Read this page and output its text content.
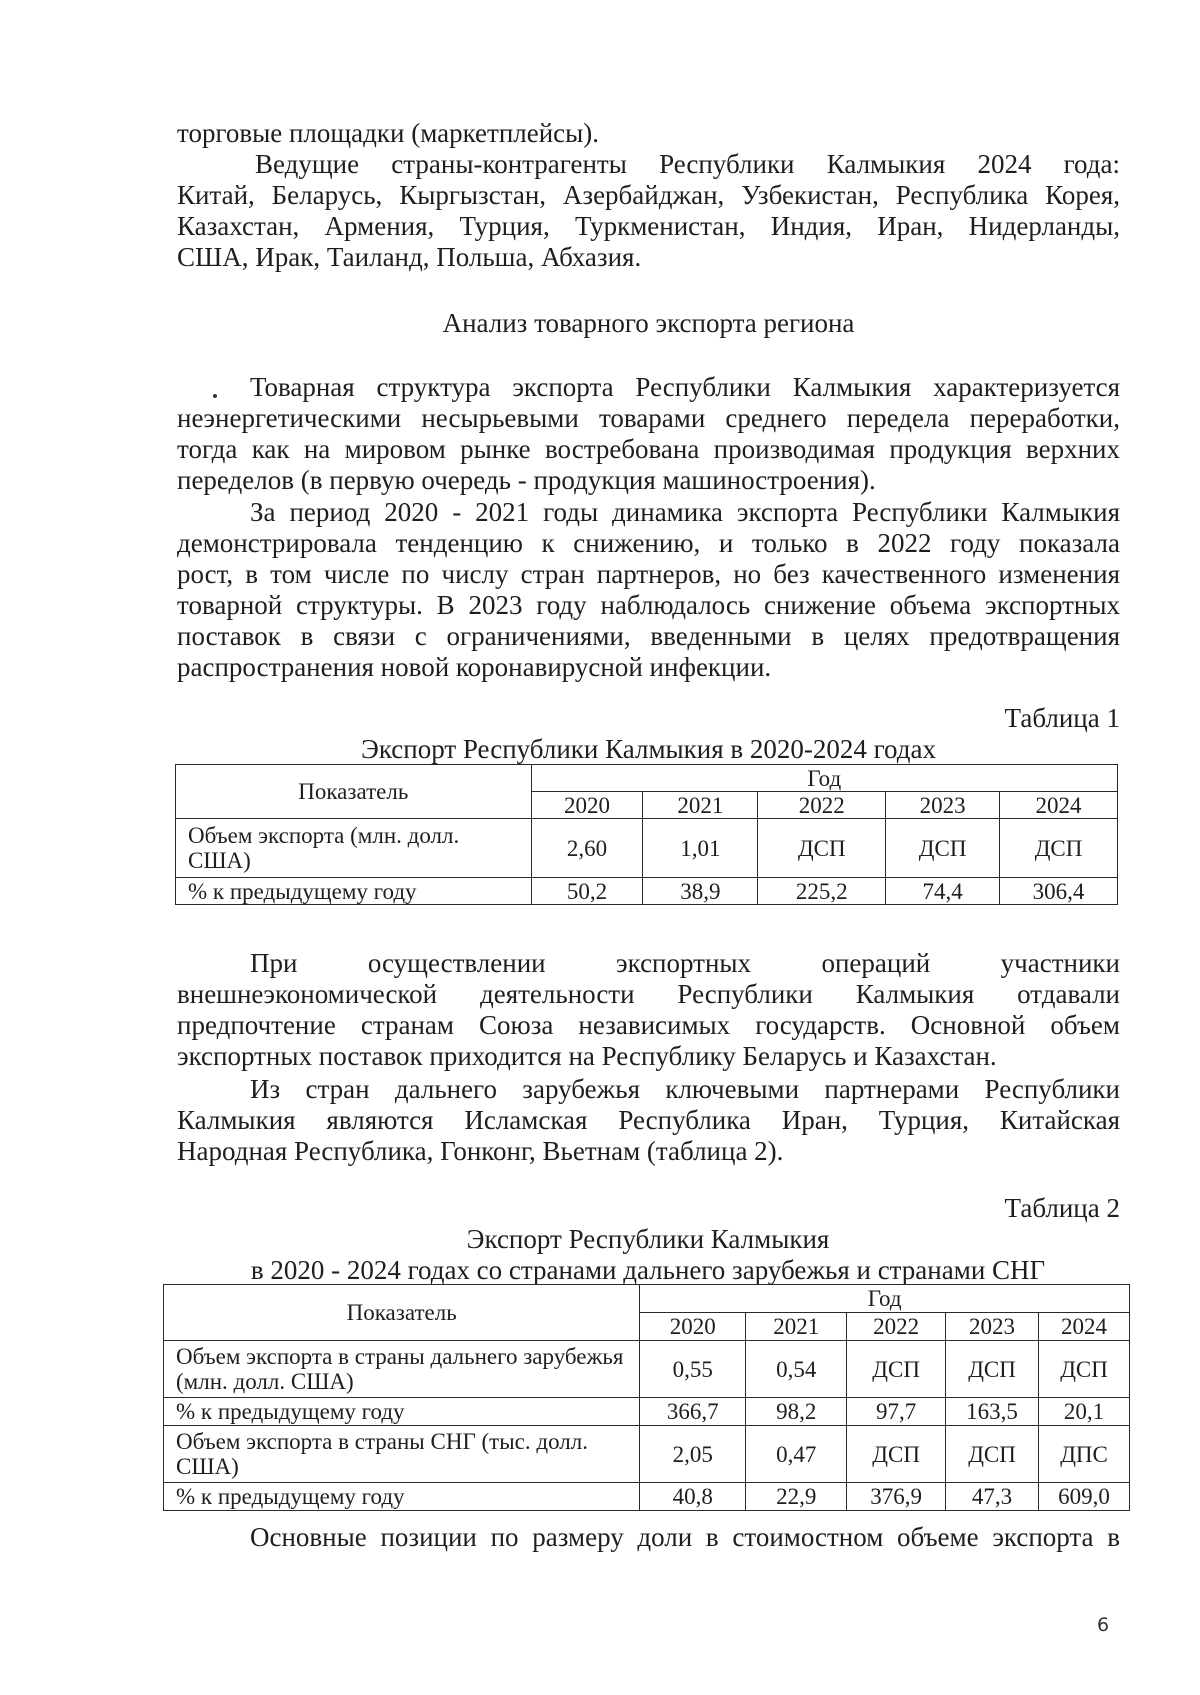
торговые площадки (маркетплейсы).
Ведущие страны-контрагенты Республики Калмыкия 2024 года:
Китай, Беларусь, Кыргызстан, Азербайджан, Узбекистан, Республика Корея,
Казахстан, Армения, Турция, Туркменистан, Индия, Иран, Нидерланды,
США, Ирак, Таиланд, Польша, Абхазия.
Анализ товарного экспорта региона
Товарная структура экспорта Республики Калмыкия характеризуется
неэнергетическими несырьевыми товарами среднего передела переработки,
тогда как на мировом рынке востребована производимая продукция верхних
переделов (в первую очередь - продукция машиностроения).
За период 2020 - 2021 годы динамика экспорта Республики Калмыкия
демонстрировала тенденцию к снижению, и только в 2022 году показала
рост, в том числе по числу стран партнеров, но без качественного изменения
товарной структуры. В 2023 году наблюдалось снижение объема экспортных
поставок в связи с ограничениями, введенными в целях предотвращения
распространения новой коронавирусной инфекции.
Таблица 1
Экспорт Республики Калмыкия в 2020-2024 годах
Показатель	Год				
	2020	2021	2022	2023	2024
Объем экспорта (млн. долл. США)	2,60	1,01	ДСП	ДСП	ДСП
% к предыдущему году	50,2	38,9	225,2	74,4	306,4
При осуществлении экспортных операций участники
внешнеэкономической деятельности Республики Калмыкия отдавали
предпочтение странам Союза независимых государств. Основной объем
экспортных поставок приходится на Республику Беларусь и Казахстан.
Из стран дальнего зарубежья ключевыми партнерами Республики
Калмыкия являются Исламская Республика Иран, Турция, Китайская
Народная Республика, Гонконг, Вьетнам (таблица 2).
Таблица 2
Экспорт Республики Калмыкия
в 2020 - 2024 годах со странами дальнего зарубежья и странами СНГ
Показатель	Год				
	2020	2021	2022	2023	2024
Объем экспорта в страны дальнего зарубежья (млн. долл. США)	0,55	0,54	ДСП	ДСП	ДСП
% к предыдущему году	366,7	98,2	97,7	163,5	20,1
Объем экспорта в страны СНГ (тыс. долл. США)	2,05	0,47	ДСП	ДСП	ДПС
% к предыдущему году	40,8	22,9	376,9	47,3	609,0
Основные позиции по размеру доли в стоимостном объеме экспорта в
6
